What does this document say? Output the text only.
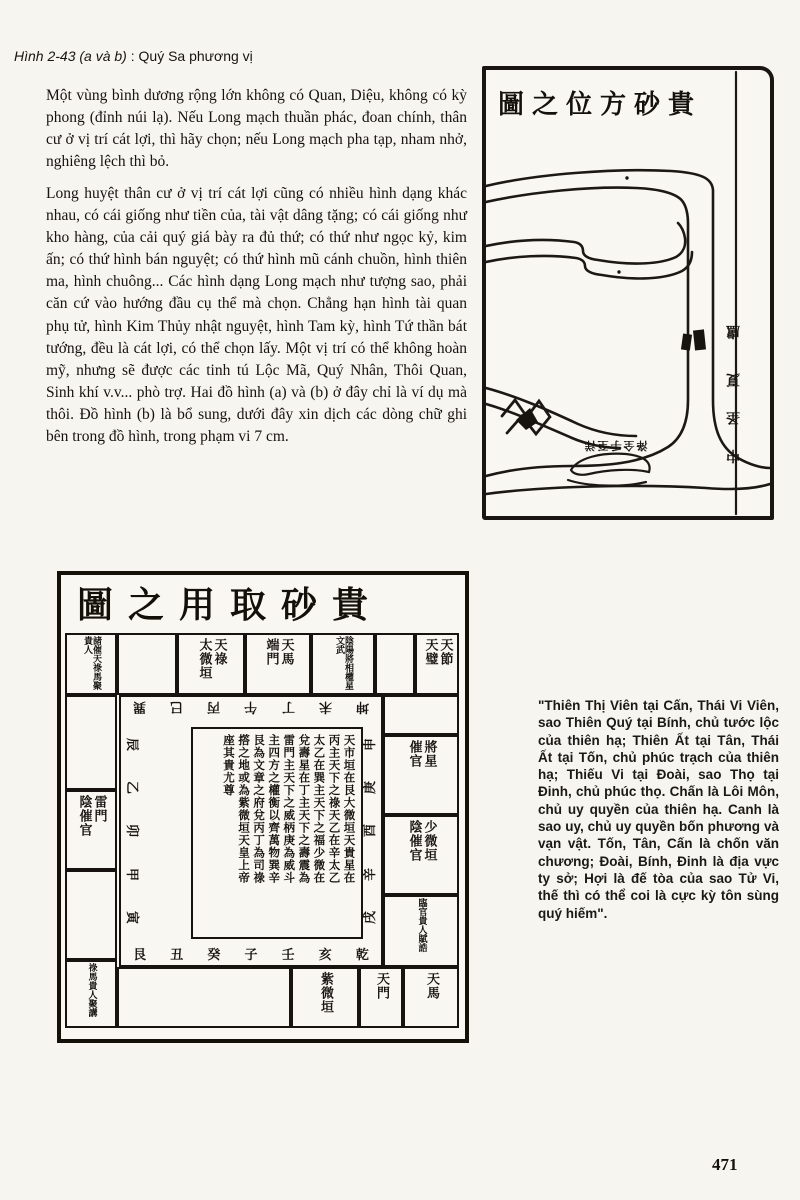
Hình 2-43 (a và b) : Quý Sa phương vị
Một vùng bình dương rộng lớn không có Quan, Diệu, không có kỳ phong (đỉnh núi lạ). Nếu Long mạch thuần phác, đoan chính, thân cư ở vị trí cát lợi, thì hãy chọn; nếu Long mạch pha tạp, nham nhở, nghiêng lệch thì bỏ.
Long huyệt thân cư ở vị trí cát lợi cũng có nhiều hình dạng khác nhau, có cái giống như tiền của, tài vật dâng tặng; có cái giống như kho hàng, của cải quý giá bày ra đủ thứ; có thứ như ngọc kỷ, kim ấn; có thứ hình bán nguyệt; có thứ hình mũ cánh chuồn, hình thiên ma, hình chuông... Các hình dạng Long mạch như tượng sao, phải căn cứ vào hướng đầu cụ thể mà chọn. Chẳng hạn hình tài quan phụ tử, hình Kim Thủy nhật nguyệt, hình Tam kỳ, hình Tứ thần bát tướng, đều là cát lợi, có thể chọn lấy. Một vị trí có thể không hoàn mỹ, nhưng sẽ được các tinh tú Lộc Mã, Quý Nhân, Thôi Quan, Sinh khí v.v... phò trợ. Hai đồ hình (a) và (b) ở đây chỉ là ví dụ mà thôi. Đồ hình (b) là bổ sung, dưới đây xin dịch các dòng chữ ghi bên trong đồ hình, trong phạm vi 7 cm.
圖之位方砂貴
盧
夏
圣
中
洚全手至洋
圖之用取砂貴
諸催天祿馬聚貴人	天祿
太微垣	天馬
端門	陰陽將相權星文武	天節
天璧
雷門
陰催官
祿馬貴人聚講
將星
催官
少微垣
陰催官
臨官貴人賦誥
紫微垣	天門	天馬
巽 巳 丙 午 丁 未 坤
艮 丑 癸 子 壬 亥 乾
辰
乙
卯
甲
寅
申
庚
酉
辛
戌
天市垣在艮大微垣天貴星在
丙主天下之祿天乙在辛太乙
太乙在巽主天下之福少微在
兌壽星在丁主天下之壽震為
雷門主天下之威柄庚為威斗
主四方之權衡以齊萬物巽辛
艮為文章之府兌丙丁為司祿
撘之地或為紫微垣天皇上帝
座其貴尤尊
"Thiên Thị Viên tại Cấn, Thái Vi Viên, sao Thiên Quý tại Bính, chủ tước lộc của thiên hạ; Thiên Ất tại Tân, Thái Ất tại Tốn, chủ phúc trạch của thiên hạ; Thiếu Vi tại Đoài, sao Thọ tại Đinh, chủ phúc thọ. Chấn là Lôi Môn, chủ uy quyền của thiên hạ. Canh là sao uy, chủ uy quyền bốn phương và vạn vật. Tốn, Tân, Cấn là chốn văn chương; Đoài, Bính, Đinh là địa vực ty sở; Hợi là đế tòa của sao Tử Vi, thế thì có thể coi là cực kỳ tôn sùng quý hiếm".
471
